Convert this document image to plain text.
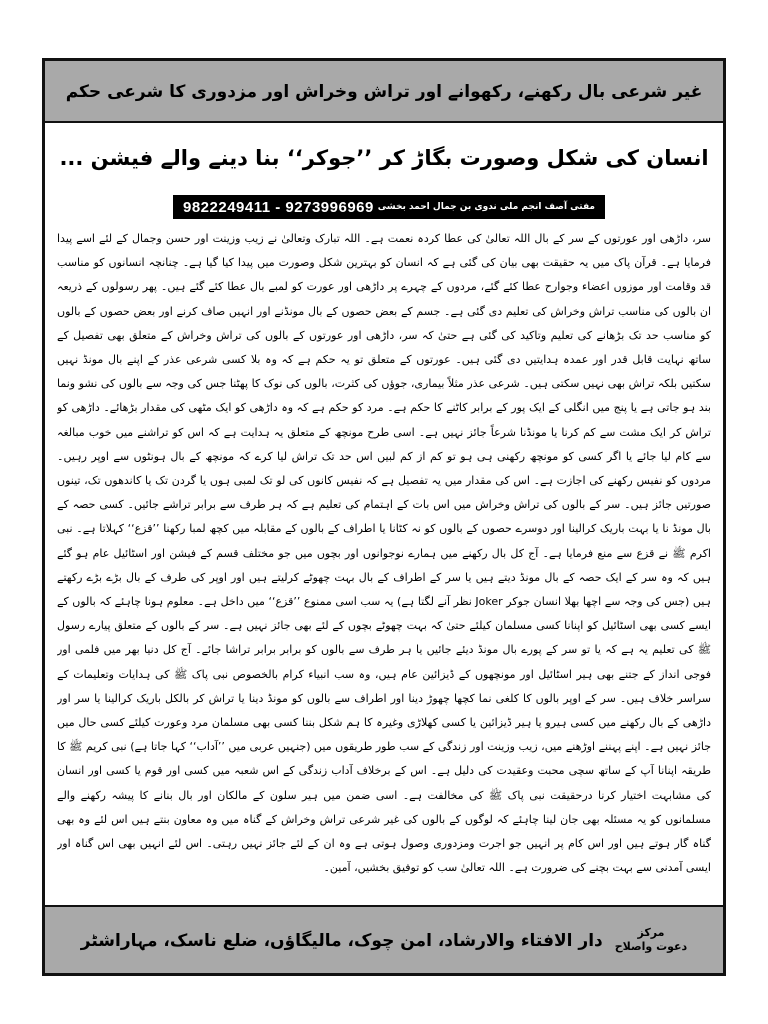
غیر شرعی بال رکھنے، رکھوانے اور تراش وخراش اور مزدوری کا شرعی حکم
انسان کی شکل وصورت بگاڑ کر ’’جوکر‘‘ بنا دینے والے فیشن ...
9822249411 - 9273996969 مفتی آصف انجم ملی ندوی بن جمال احمد بخشی
سر، داڑھی اور عورتوں کے سر کے بال اللہ تعالیٰ کی عطا کردہ نعمت ہے۔ اللہ تبارک وتعالیٰ نے زیب وزینت اور حسن وجمال کے لئے اسے پیدا فرمایا ہے۔ قرآن پاک میں یہ حقیقت بھی بیان کی گئی ہے کہ انسان کو بہترین شکل وصورت میں پیدا کیا گیا ہے۔ چنانچہ انسانوں کو مناسب قد وقامت اور موزوں اعضاء وجوارح عطا کئے گئے، مردوں کے چہرے پر داڑھی اور عورت کو لمبے بال عطا کئے گئے ہیں۔ پھر رسولوں کے ذریعہ ان بالوں کی مناسب تراش وخراش کی تعلیم دی گئی ہے۔ جسم کے بعض حصوں کے بال مونڈنے اور انہیں صاف کرنے اور بعض حصوں کے بالوں کو مناسب حد تک بڑھانے کی تعلیم وتاکید کی گئی ہے حتیٰ کہ سر، داڑھی اور عورتوں کے بالوں کی تراش وخراش کے متعلق بھی تفصیل کے ساتھ نہایت قابل قدر اور عمدہ ہدایتیں دی گئی ہیں۔ عورتوں کے متعلق تو یہ حکم ہے کہ وہ بلا کسی شرعی عذر کے اپنے بال مونڈ نہیں سکتیں بلکہ تراش بھی نہیں سکتی ہیں۔ شرعی عذر مثلاً بیماری، جوؤں کی کثرت، بالوں کی نوک کا پھٹنا جس کی وجہ سے بالوں کی نشو ونما بند ہو جاتی ہے یا پنج میں انگلی کے ایک پور کے برابر کاٹنے کا حکم ہے۔ مرد کو حکم ہے کہ وہ داڑھی کو ایک مٹھی کی مقدار بڑھائے۔ داڑھی کو تراش کر ایک مشت سے کم کرنا یا مونڈنا شرعاً جائز نہیں ہے۔ اسی طرح مونچھ کے متعلق یہ ہدایت ہے کہ اس کو تراشنے میں خوب مبالغہ سے کام لیا جائے یا اگر کسی کو مونچھ رکھنی ہی ہو تو کم از کم لبیں اس حد تک تراش لیا کرے کہ مونچھ کے بال ہونٹوں سے اوپر رہیں۔ مردوں کو نفیس رکھنے کی اجازت ہے۔ اس کی مقدار میں یہ تفصیل ہے کہ نفیس کانوں کی لو تک لمبی ہوں یا گردن تک یا کاندھوں تک، تینوں صورتیں جائز ہیں۔ سر کے بالوں کی تراش وخراش میں اس بات کے اہتمام کی تعلیم ہے کہ ہر طرف سے برابر تراشے جائیں۔ کسی حصہ کے بال مونڈ نا یا بہت باریک کرالینا اور دوسرے حصوں کے بالوں کو نہ کٹانا یا اطراف کے بالوں کے مقابلہ میں کچھ لمبا رکھنا ’’قزع‘‘ کہلاتا ہے۔ نبی اکرم ﷺ نے قزع سے منع فرمایا ہے۔ آج کل بال رکھنے میں ہمارے نوجوانوں اور بچوں میں جو مختلف قسم کے فیشن اور اسٹائیل عام ہو گئے ہیں کہ وہ سر کے ایک حصہ کے بال مونڈ دیتے ہیں یا سر کے اطراف کے بال بہت چھوٹے کرلیتے ہیں اور اوپر کی طرف کے بال بڑے بڑے رکھتے ہیں (جس کی وجہ سے اچھا بھلا انسان جوکر Joker نظر آنے لگتا ہے) یہ سب اسی ممنوع ’’قزع‘‘ میں داخل ہے۔ معلوم ہونا چاہئے کہ بالوں کے ایسے کسی بھی اسٹائیل کو اپنانا کسی مسلمان کیلئے حتیٰ کہ بہت چھوٹے بچوں کے لئے بھی جائز نہیں ہے۔ سر کے بالوں کے متعلق پیارے رسول ﷺ کی تعلیم یہ ہے کہ یا تو سر کے پورے بال مونڈ دیئے جائیں یا ہر طرف سے بالوں کو برابر برابر تراشا جائے۔ آج کل دنیا بھر میں فلمی اور فوجی انداز کے جتنے بھی ہیر اسٹائیل اور مونچھوں کے ڈیزائین عام ہیں، وہ سب انبیاء کرام بالخصوص نبی پاک ﷺ کی ہدایات وتعلیمات کے سراسر خلاف ہیں۔ سر کے اوپر بالوں کا کلغی نما کچھا چھوڑ دینا اور اطراف سے بالوں کو مونڈ دینا یا تراش کر بالکل باریک کرالینا یا سر اور داڑھی کے بال رکھنے میں کسی ہیرو یا ہیر ڈیزائین یا کسی کھلاڑی وغیرہ کا ہم شکل بننا کسی بھی مسلمان مرد وعورت کیلئے کسی حال میں جائز نہیں ہے۔ اپنے پہننے اوڑھنے میں، زیب وزینت اور زندگی کے سب طور طریقوں میں (جنہیں عربی میں ’’آداب‘‘ کہا جاتا ہے) نبی کریم ﷺ کا طریقہ اپنانا آپ کے ساتھ سچی محبت وعقیدت کی دلیل ہے۔ اس کے برخلاف آداب زندگی کے اس شعبہ میں کسی اور قوم یا کسی اور انسان کی مشابہت اختیار کرنا درحقیقت نبی پاک ﷺ کی مخالفت ہے۔ اسی ضمن میں ہیر سلون کے مالکان اور بال بنانے کا پیشہ رکھنے والے مسلمانوں کو یہ مسئلہ بھی جان لینا چاہئے کہ لوگوں کے بالوں کی غیر شرعی تراش وخراش کے گناہ میں وہ معاون بنتے ہیں اس لئے وہ بھی گناہ گار ہوتے ہیں اور اس کام پر انہیں جو اجرت ومزدوری وصول ہوتی ہے وہ ان کے لئے جائز نہیں رہتی۔ اس لئے انہیں بھی اس گناہ اور ایسی آمدنی سے بہت بچنے کی ضرورت ہے۔ اللہ تعالیٰ سب کو توفیق بخشیں، آمین۔
مرکز
دعوت واصلاح
دار الافتاء والارشاد، امن چوک، مالیگاؤں، ضلع ناسک، مہاراشٹر
